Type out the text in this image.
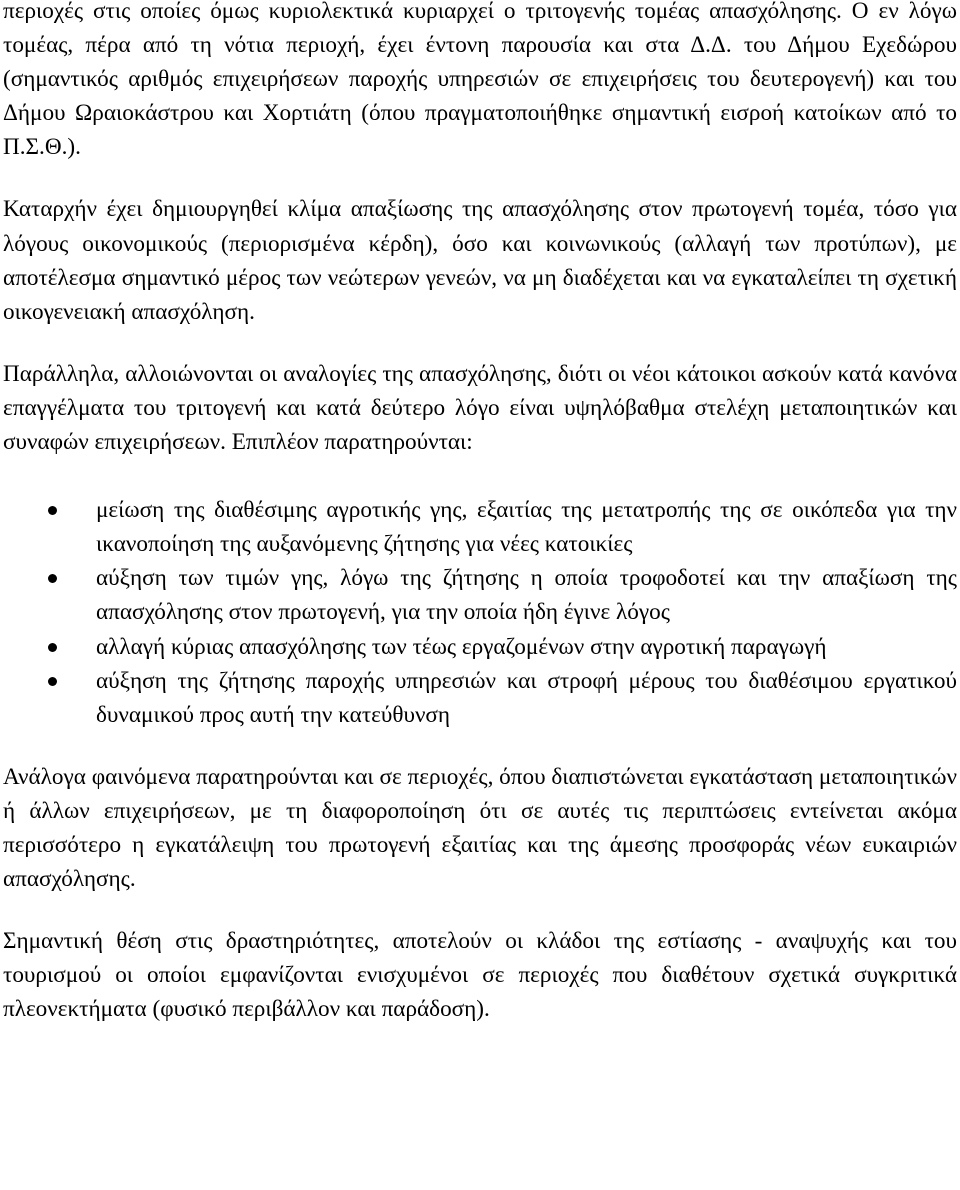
περιοχές στις οποίες όμως κυριολεκτικά κυριαρχεί ο τριτογενής τομέας απασχόλησης. Ο εν λόγω τομέας, πέρα από τη νότια περιοχή, έχει έντονη παρουσία και στα Δ.Δ. του Δήμου Εχεδώρου (σημαντικός αριθμός επιχειρήσεων παροχής υπηρεσιών σε επιχειρήσεις του δευτερογενή) και του Δήμου Ωραιοκάστρου και Χορτιάτη (όπου πραγματοποιήθηκε σημαντική εισροή κατοίκων από το Π.Σ.Θ.).

Καταρχήν έχει δημιουργηθεί κλίμα απαξίωσης της απασχόλησης στον πρωτογενή τομέα, τόσο για λόγους οικονομικούς (περιορισμένα κέρδη), όσο και κοινωνικούς (αλλαγή των προτύπων), με αποτέλεσμα σημαντικό μέρος των νεώτερων γενεών, να μη διαδέχεται και να εγκαταλείπει τη σχετική οικογενειακή απασχόληση.

Παράλληλα, αλλοιώνονται οι αναλογίες της απασχόλησης, διότι οι νέοι κάτοικοι ασκούν κατά κανόνα επαγγέλματα του τριτογενή και κατά δεύτερο λόγο είναι υψηλόβαθμα στελέχη μεταποιητικών και συναφών επιχειρήσεων. Επιπλέον παρατηρούνται:

μείωση της διαθέσιμης αγροτικής γης, εξαιτίας της μετατροπής της σε οικόπεδα για την ικανοποίηση της αυξανόμενης ζήτησης για νέες κατοικίες
αύξηση των τιμών γης, λόγω της ζήτησης η οποία τροφοδοτεί και την απαξίωση της απασχόλησης στον πρωτογενή, για την οποία ήδη έγινε λόγος
αλλαγή κύριας απασχόλησης των τέως εργαζομένων στην αγροτική παραγωγή
αύξηση της ζήτησης παροχής υπηρεσιών και στροφή μέρους του διαθέσιμου εργατικού δυναμικού προς αυτή την κατεύθυνση

Ανάλογα φαινόμενα παρατηρούνται και σε περιοχές, όπου διαπιστώνεται εγκατάσταση μεταποιητικών ή άλλων επιχειρήσεων, με τη διαφοροποίηση ότι σε αυτές τις περιπτώσεις εντείνεται ακόμα περισσότερο η εγκατάλειψη του πρωτογενή εξαιτίας και της άμεσης προσφοράς νέων ευκαιριών απασχόλησης.

Σημαντική θέση στις δραστηριότητες, αποτελούν οι κλάδοι της εστίασης - αναψυχής και του τουρισμού οι οποίοι εμφανίζονται ενισχυμένοι σε περιοχές που διαθέτουν σχετικά συγκριτικά πλεονεκτήματα (φυσικό περιβάλλον και παράδοση).
